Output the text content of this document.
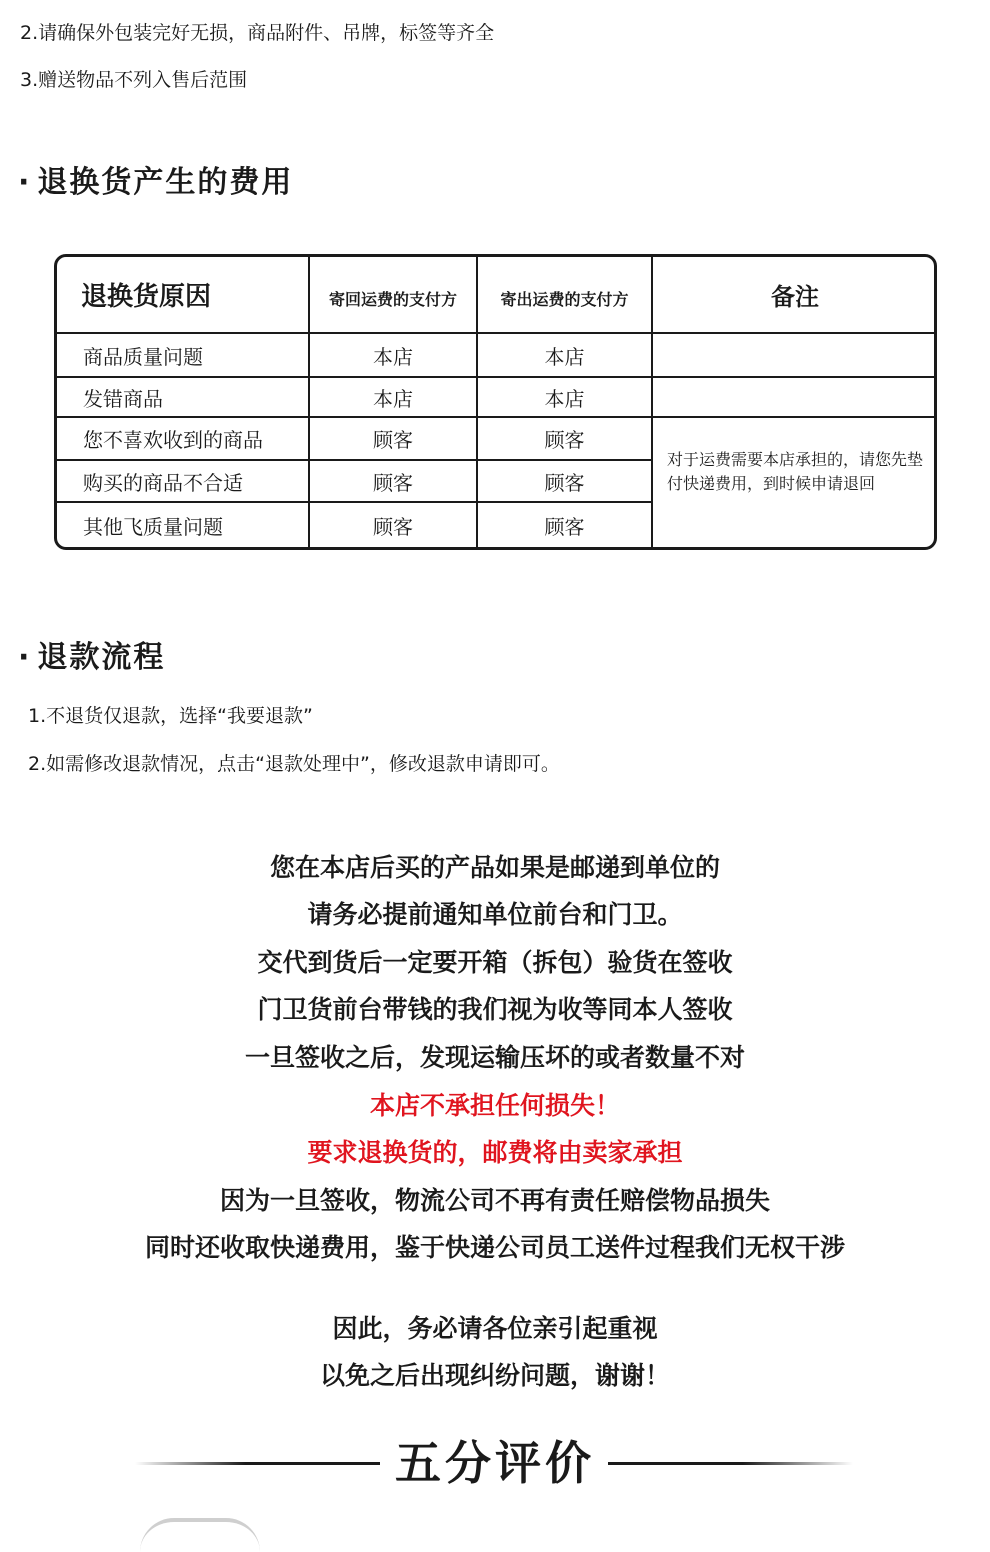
2.请确保外包装完好无损，商品附件、吊牌，标签等齐全
3.赠送物品不列入售后范围
· 退换货产生的费用
退换货原因	寄回运费的支付方	寄出运费的支付方	备注
商品质量问题	本店	本店
发错商品	本店	本店
您不喜欢收到的商品	顾客	顾客
购买的商品不合适	顾客	顾客
其他飞质量问题	顾客	顾客
对于运费需要本店承担的，请您先垫付快递费用，到时候申请退回
· 退款流程
1.不退货仅退款，选择“我要退款”
2.如需修改退款情况，点击“退款处理中”，修改退款申请即可。
您在本店后买的产品如果是邮递到单位的
请务必提前通知单位前台和门卫。
交代到货后一定要开箱（拆包）验货在签收
门卫货前台带钱的我们视为收等同本人签收
一旦签收之后，发现运输压坏的或者数量不对
本店不承担任何损失！
要求退换货的，邮费将由卖家承担
因为一旦签收，物流公司不再有责任赔偿物品损失
同时还收取快递费用，鉴于快递公司员工送件过程我们无权干涉
因此，务必请各位亲引起重视
以免之后出现纠纷问题，谢谢！
五分评价
